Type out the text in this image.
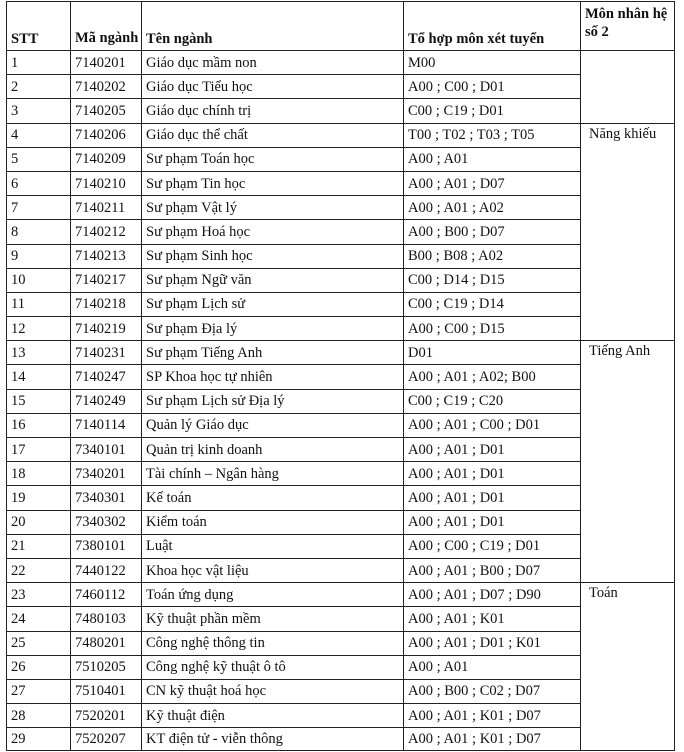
STT	Mã ngành	Tên ngành	Tổ hợp môn xét tuyển	Môn nhân hệ số 2
1	7140201	Giáo dục mầm non	M00	
2	7140202	Giáo dục Tiểu học	A00 ; C00 ; D01	
3	7140205	Giáo dục chính trị	C00 ; C19 ; D01	
4	7140206	Giáo dục thể chất	T00 ; T02 ; T03 ; T05	Năng khiếu
5	7140209	Sư phạm Toán học	A00 ; A01	
6	7140210	Sư phạm Tin học	A00 ; A01 ; D07	
7	7140211	Sư phạm Vật lý	A00 ; A01 ; A02	
8	7140212	Sư phạm Hoá học	A00 ; B00 ; D07	
9	7140213	Sư phạm Sinh học	B00 ; B08 ; A02	
10	7140217	Sư phạm Ngữ văn	C00 ; D14 ; D15	
11	7140218	Sư phạm Lịch sử	C00 ; C19 ; D14	
12	7140219	Sư phạm Địa lý	A00 ; C00 ; D15	
13	7140231	Sư phạm Tiếng Anh	D01	Tiếng Anh
14	7140247	SP Khoa học tự nhiên	A00 ; A01 ; A02; B00	
15	7140249	Sư phạm Lịch sử Địa lý	C00 ; C19 ; C20	
16	7140114	Quản lý Giáo dục	A00 ; A01 ; C00 ; D01	
17	7340101	Quản trị kinh doanh	A00 ; A01 ; D01	
18	7340201	Tài chính – Ngân hàng	A00 ; A01 ; D01	
19	7340301	Kế toán	A00 ; A01 ; D01	
20	7340302	Kiểm toán	A00 ; A01 ; D01	
21	7380101	Luật	A00 ; C00 ; C19 ; D01	
22	7440122	Khoa học vật liệu	A00 ; A01 ; B00 ; D07	
23	7460112	Toán ứng dụng	A00 ; A01 ; D07 ; D90	Toán
24	7480103	Kỹ thuật phần mềm	A00 ; A01 ; K01	
25	7480201	Công nghệ thông tin	A00 ; A01 ; D01 ; K01	
26	7510205	Công nghệ kỹ thuật ô tô	A00 ; A01	
27	7510401	CN kỹ thuật hoá học	A00 ; B00 ; C02 ; D07	
28	7520201	Kỹ thuật điện	A00 ; A01 ; K01 ; D07	
29	7520207	KT điện tử - viễn thông	A00 ; A01 ; K01 ; D07	
